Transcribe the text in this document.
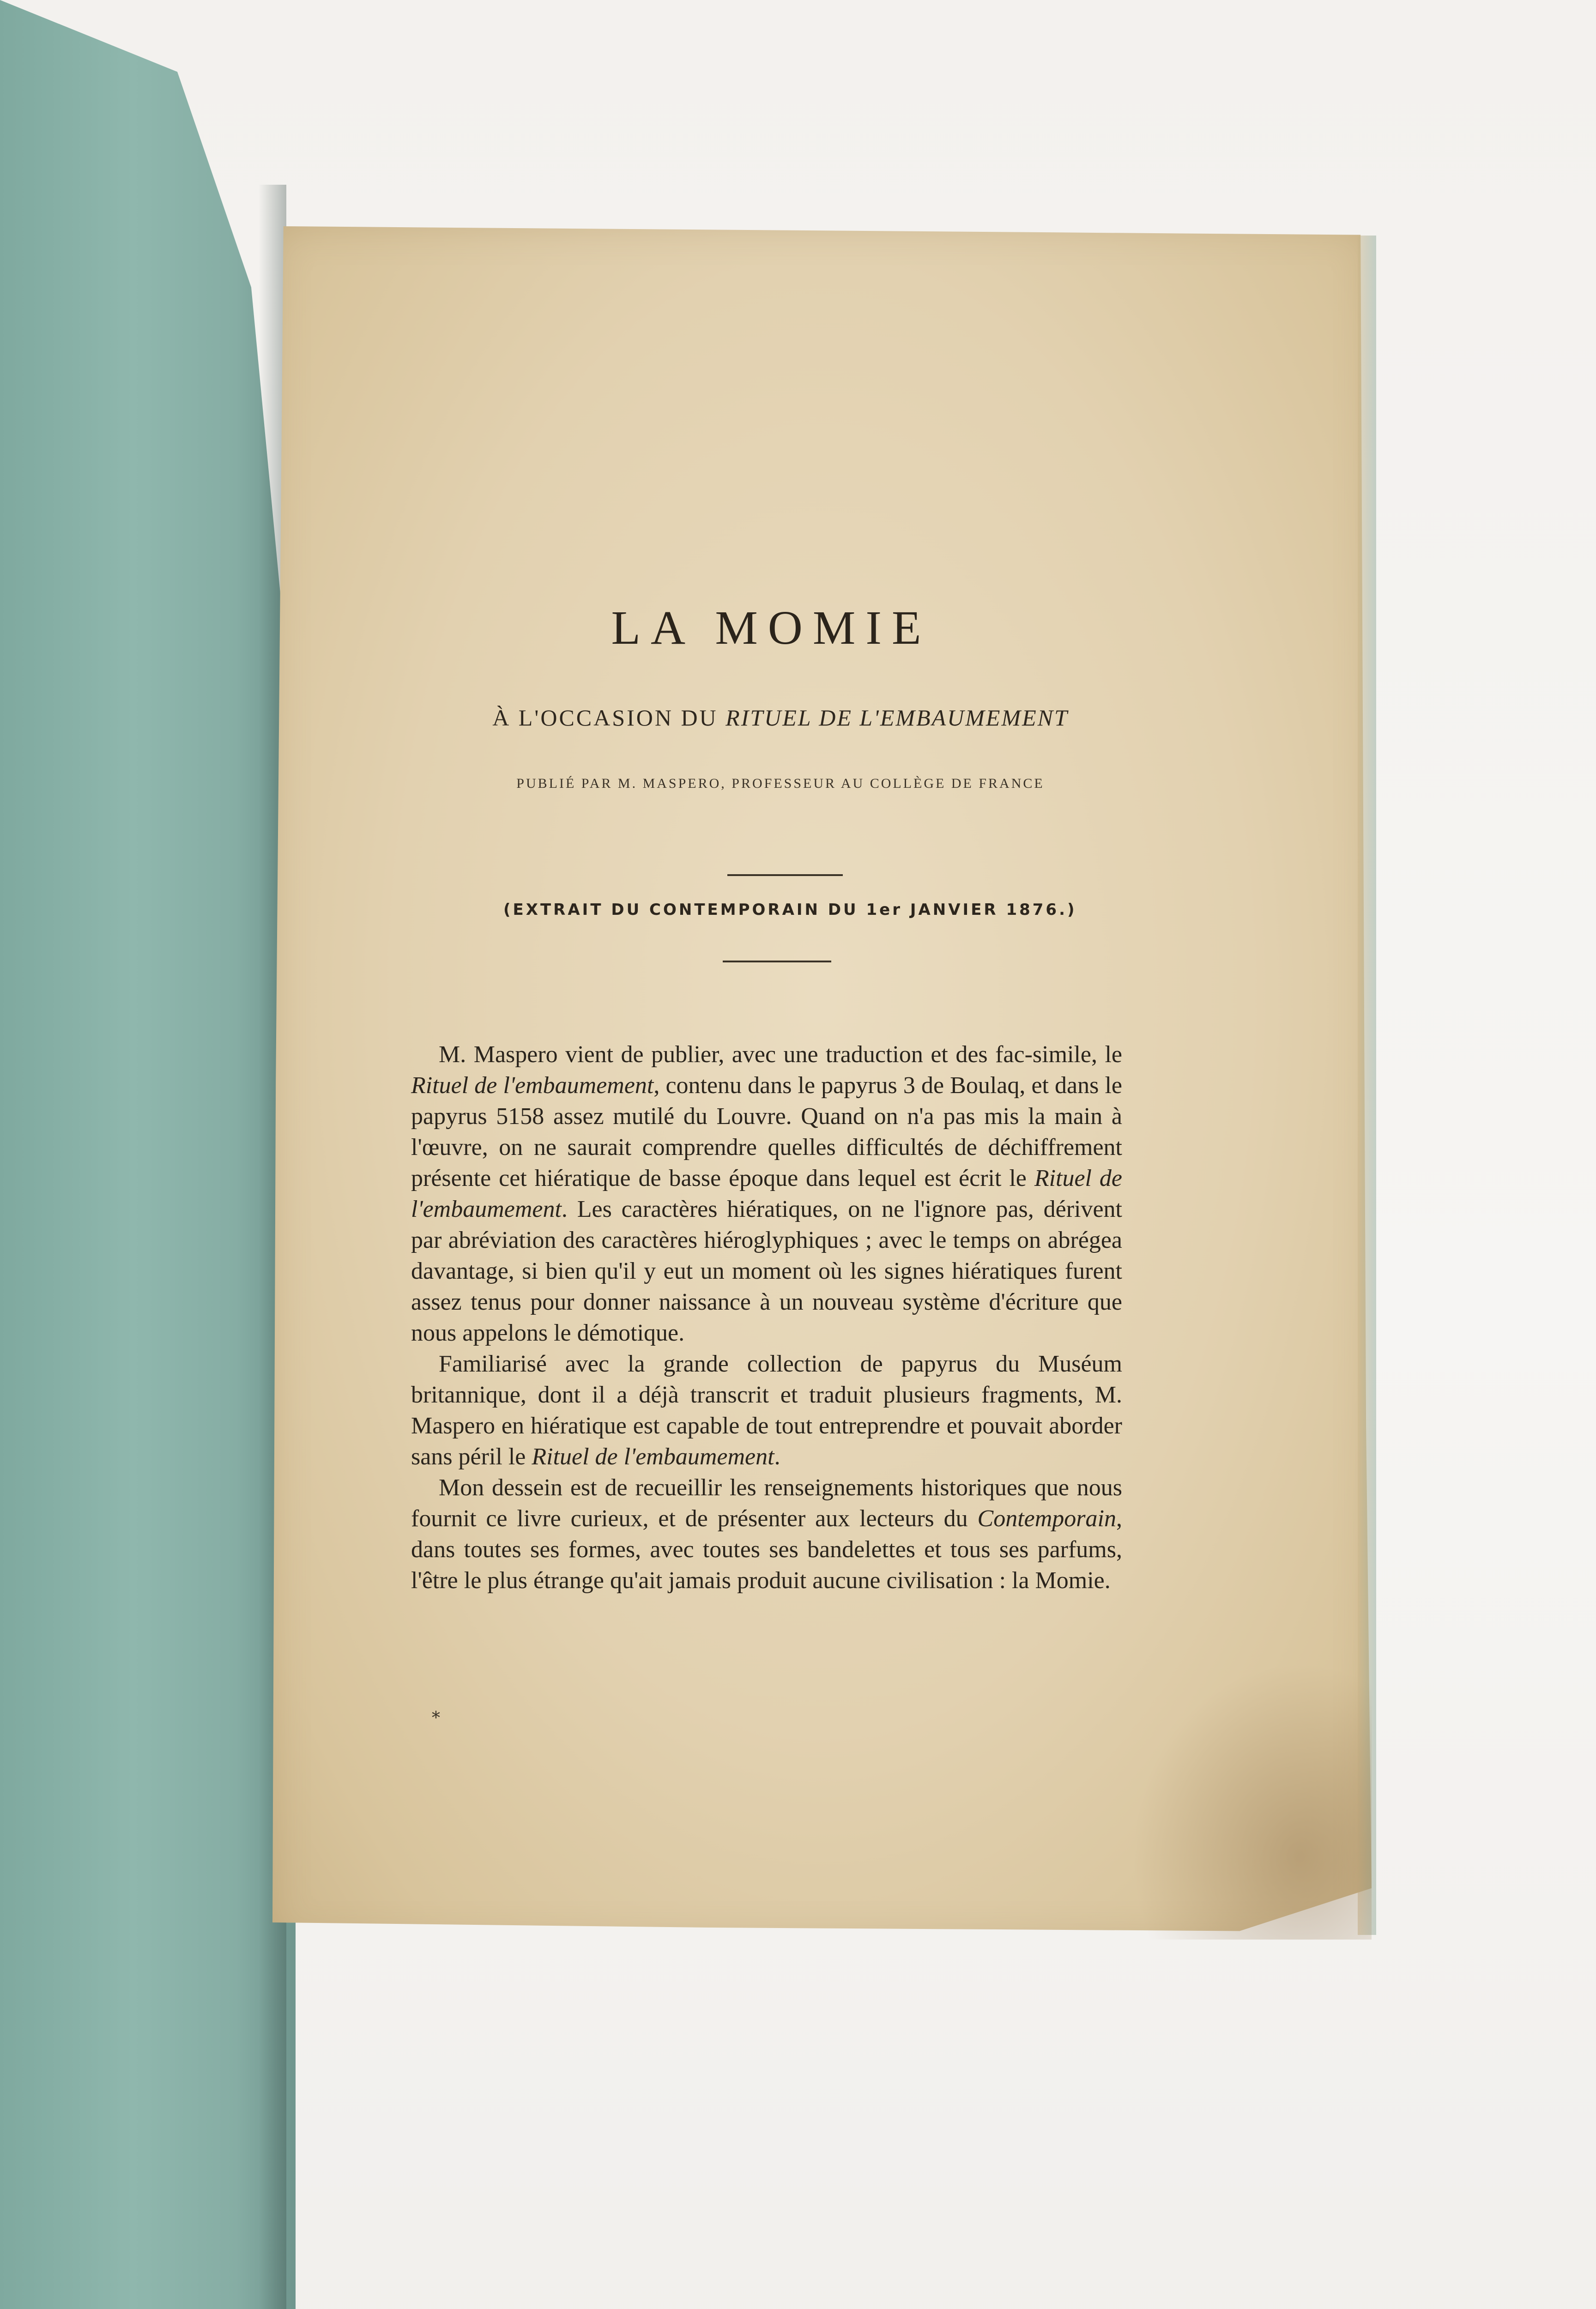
LA MOMIE
À L'OCCASION DU RITUEL DE L'EMBAUMEMENT
PUBLIÉ PAR M. MASPERO, PROFESSEUR AU COLLÈGE DE FRANCE
(EXTRAIT DU CONTEMPORAIN DU 1er JANVIER 1876.)

M. Maspero vient de publier, avec une traduction et des fac-simile, le Rituel de l'embaumement, contenu dans le papyrus 3 de Boulaq, et dans le papyrus 5158 assez mutilé du Louvre. Quand on n'a pas mis la main à l'œuvre, on ne saurait comprendre quelles difficultés de déchiffrement présente cet hiératique de basse époque dans lequel est écrit le Rituel de l'embaumement. Les caractères hiératiques, on ne l'ignore pas, dérivent par abréviation des caractères hiéroglyphiques ; avec le temps on abrégea davantage, si bien qu'il y eut un moment où les signes hiératiques furent assez tenus pour donner naissance à un nouveau système d'écriture que nous appelons le démotique.

Familiarisé avec la grande collection de papyrus du Muséum britannique, dont il a déjà transcrit et traduit plusieurs fragments, M. Maspero en hiératique est capable de tout entreprendre et pouvait aborder sans péril le Rituel de l'embaumement.

Mon dessein est de recueillir les renseignements historiques que nous fournit ce livre curieux, et de présenter aux lecteurs du Contemporain, dans toutes ses formes, avec toutes ses bandelettes et tous ses parfums, l'être le plus étrange qu'ait jamais produit aucune civilisation : la Momie.

*
